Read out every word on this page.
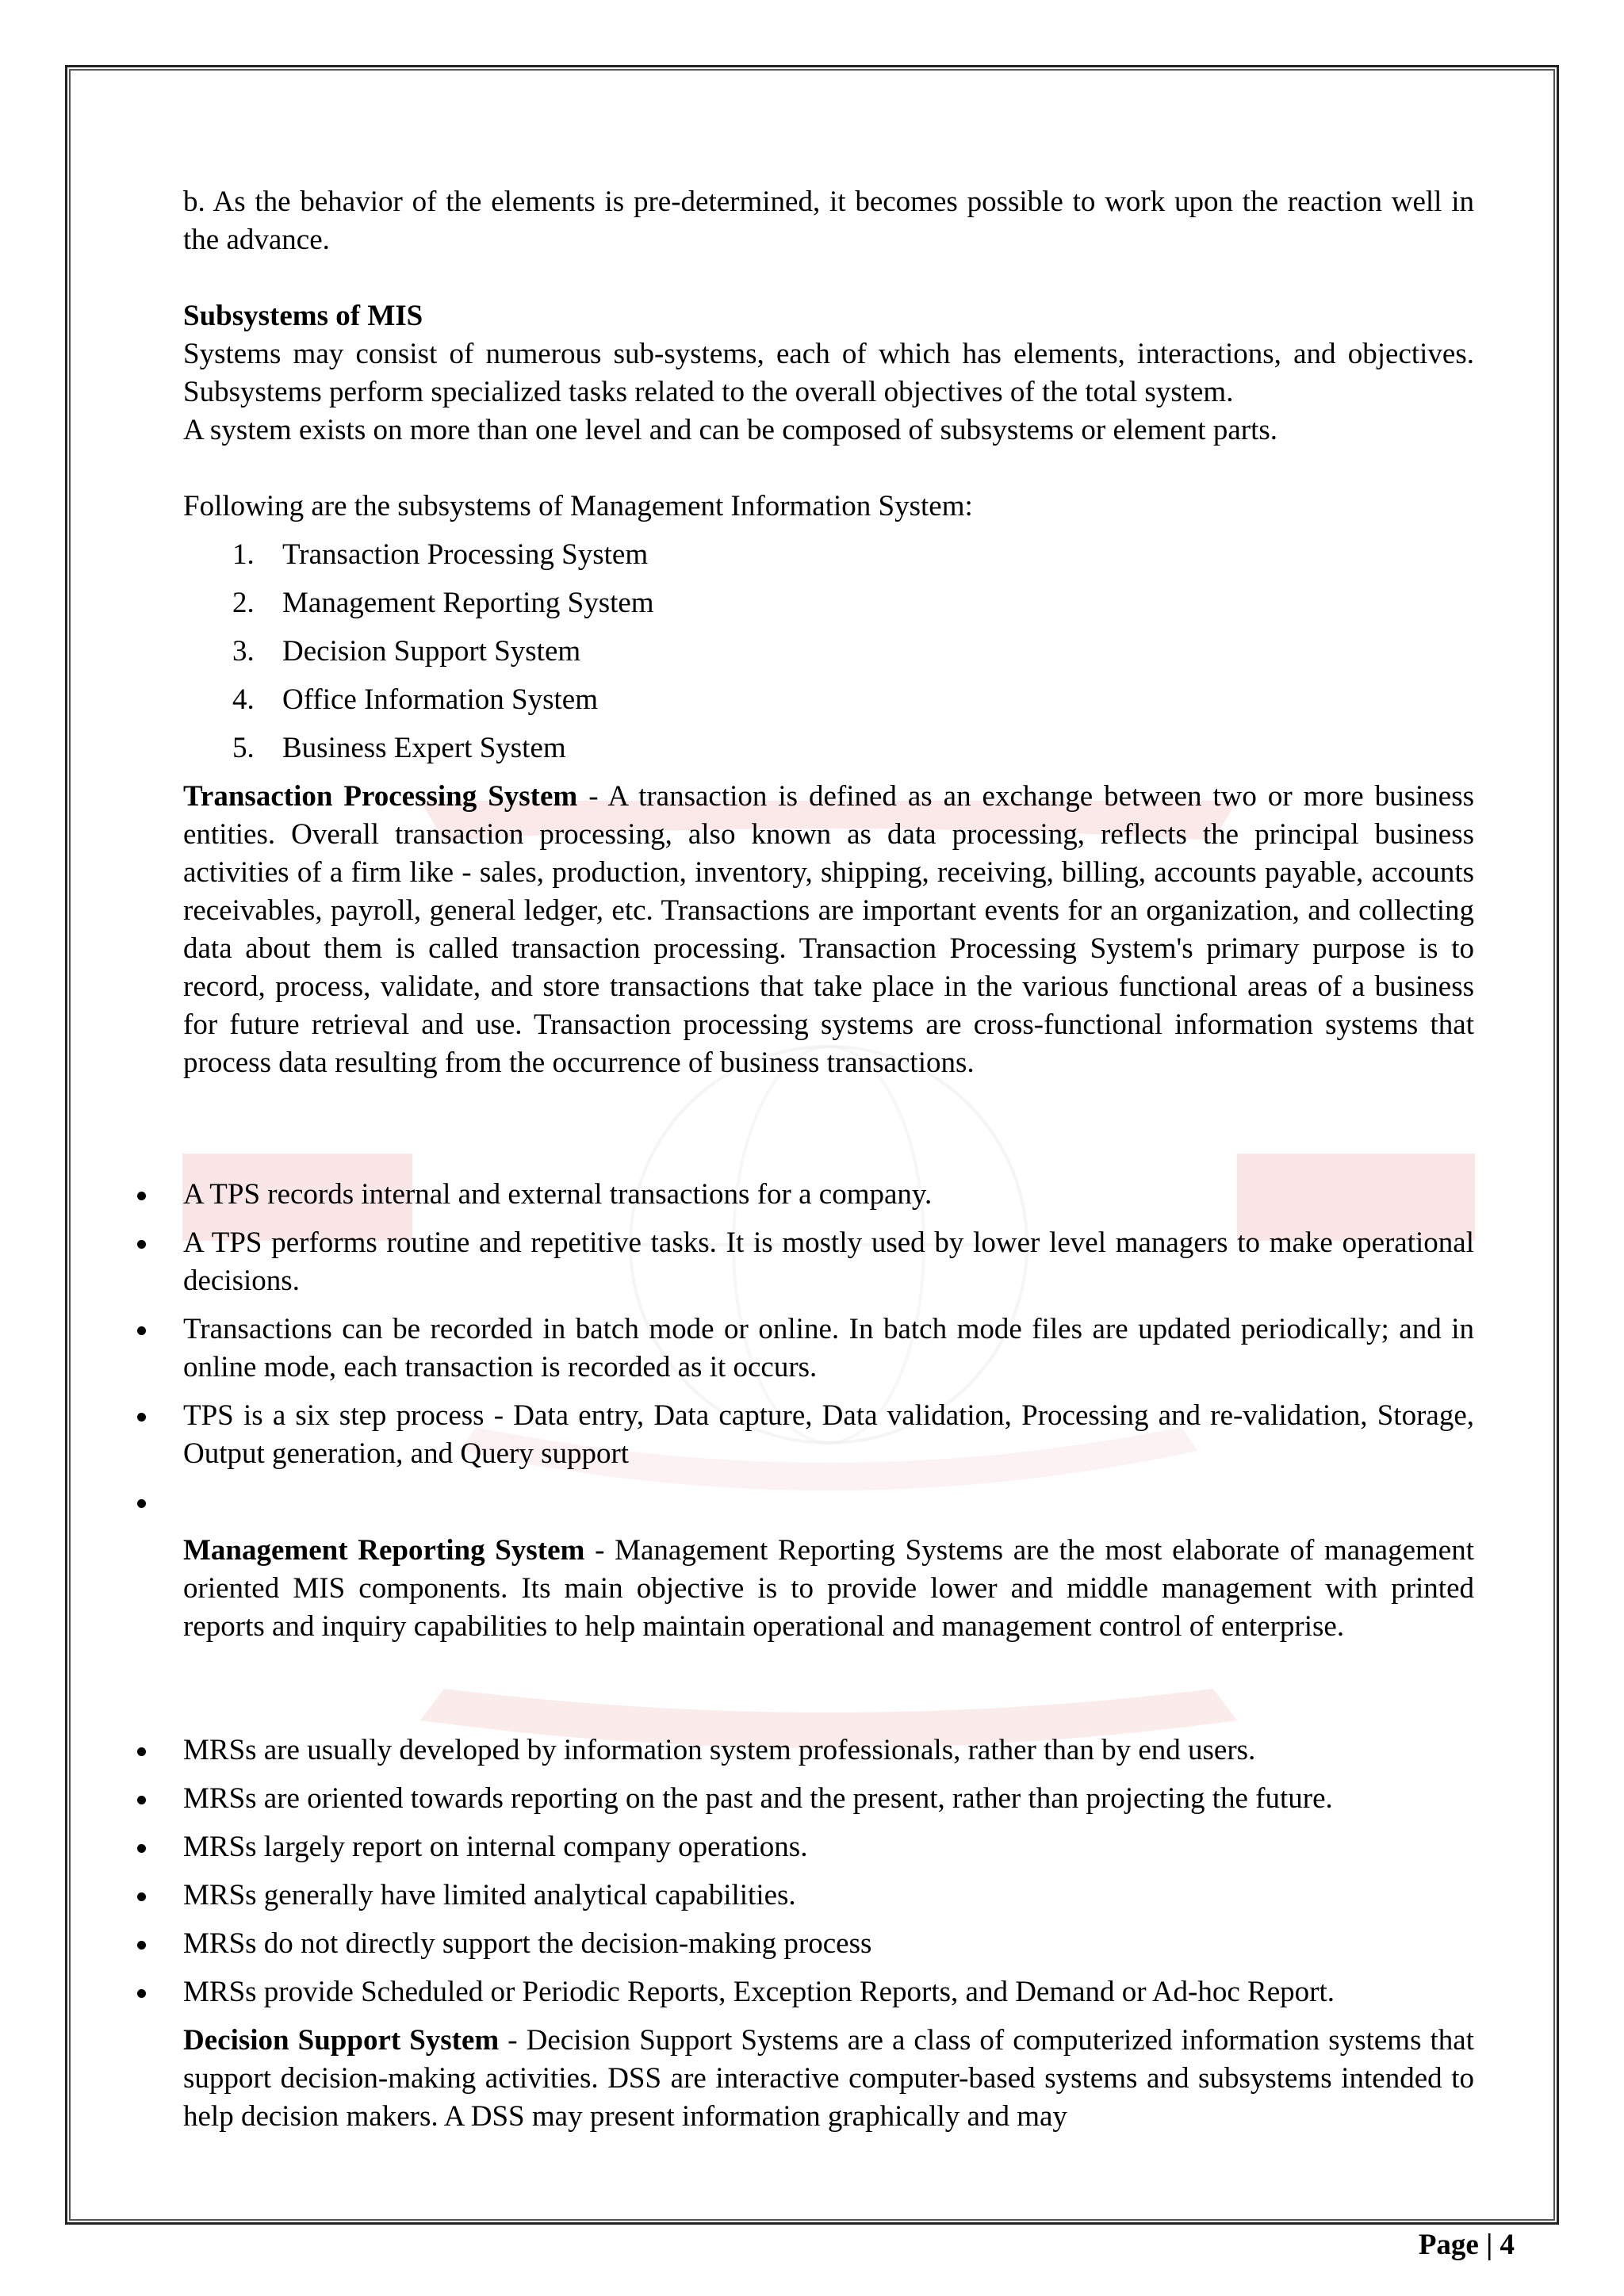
b. As the behavior of the elements is pre-determined, it becomes possible to work upon the reaction well in the advance.

Subsystems of MIS

Systems may consist of numerous sub-systems, each of which has elements, interactions, and objectives. Subsystems perform specialized tasks related to the overall objectives of the total system.

A system exists on more than one level and can be composed of subsystems or element parts.

Following are the subsystems of Management Information System:

1. Transaction Processing System
2. Management Reporting System
3. Decision Support System
4. Office Information System
5. Business Expert System

Transaction Processing System - A transaction is defined as an exchange between two or more business entities. Overall transaction processing, also known as data processing, reflects the principal business activities of a firm like - sales, production, inventory, shipping, receiving, billing, accounts payable, accounts receivables, payroll, general ledger, etc. Transactions are important events for an organization, and collecting data about them is called transaction processing. Transaction Processing System's primary purpose is to record, process, validate, and store transactions that take place in the various functional areas of a business for future retrieval and use. Transaction processing systems are cross-functional information systems that process data resulting from the occurrence of business transactions.

A TPS records internal and external transactions for a company.
A TPS performs routine and repetitive tasks. It is mostly used by lower level managers to make operational decisions.
Transactions can be recorded in batch mode or online. In batch mode files are updated periodically; and in online mode, each transaction is recorded as it occurs.
TPS is a six step process - Data entry, Data capture, Data validation, Processing and re-validation, Storage, Output generation, and Query support

Management Reporting System - Management Reporting Systems are the most elaborate of management oriented MIS components. Its main objective is to provide lower and middle management with printed reports and inquiry capabilities to help maintain operational and management control of enterprise.

MRSs are usually developed by information system professionals, rather than by end users.
MRSs are oriented towards reporting on the past and the present, rather than projecting the future.
MRSs largely report on internal company operations.
MRSs generally have limited analytical capabilities.
MRSs do not directly support the decision-making process
MRSs provide Scheduled or Periodic Reports, Exception Reports, and Demand or Ad-hoc Report.

Decision Support System - Decision Support Systems are a class of computerized information systems that support decision-making activities. DSS are interactive computer-based systems and subsystems intended to help decision makers. A DSS may present information graphically and may

Page | 4
